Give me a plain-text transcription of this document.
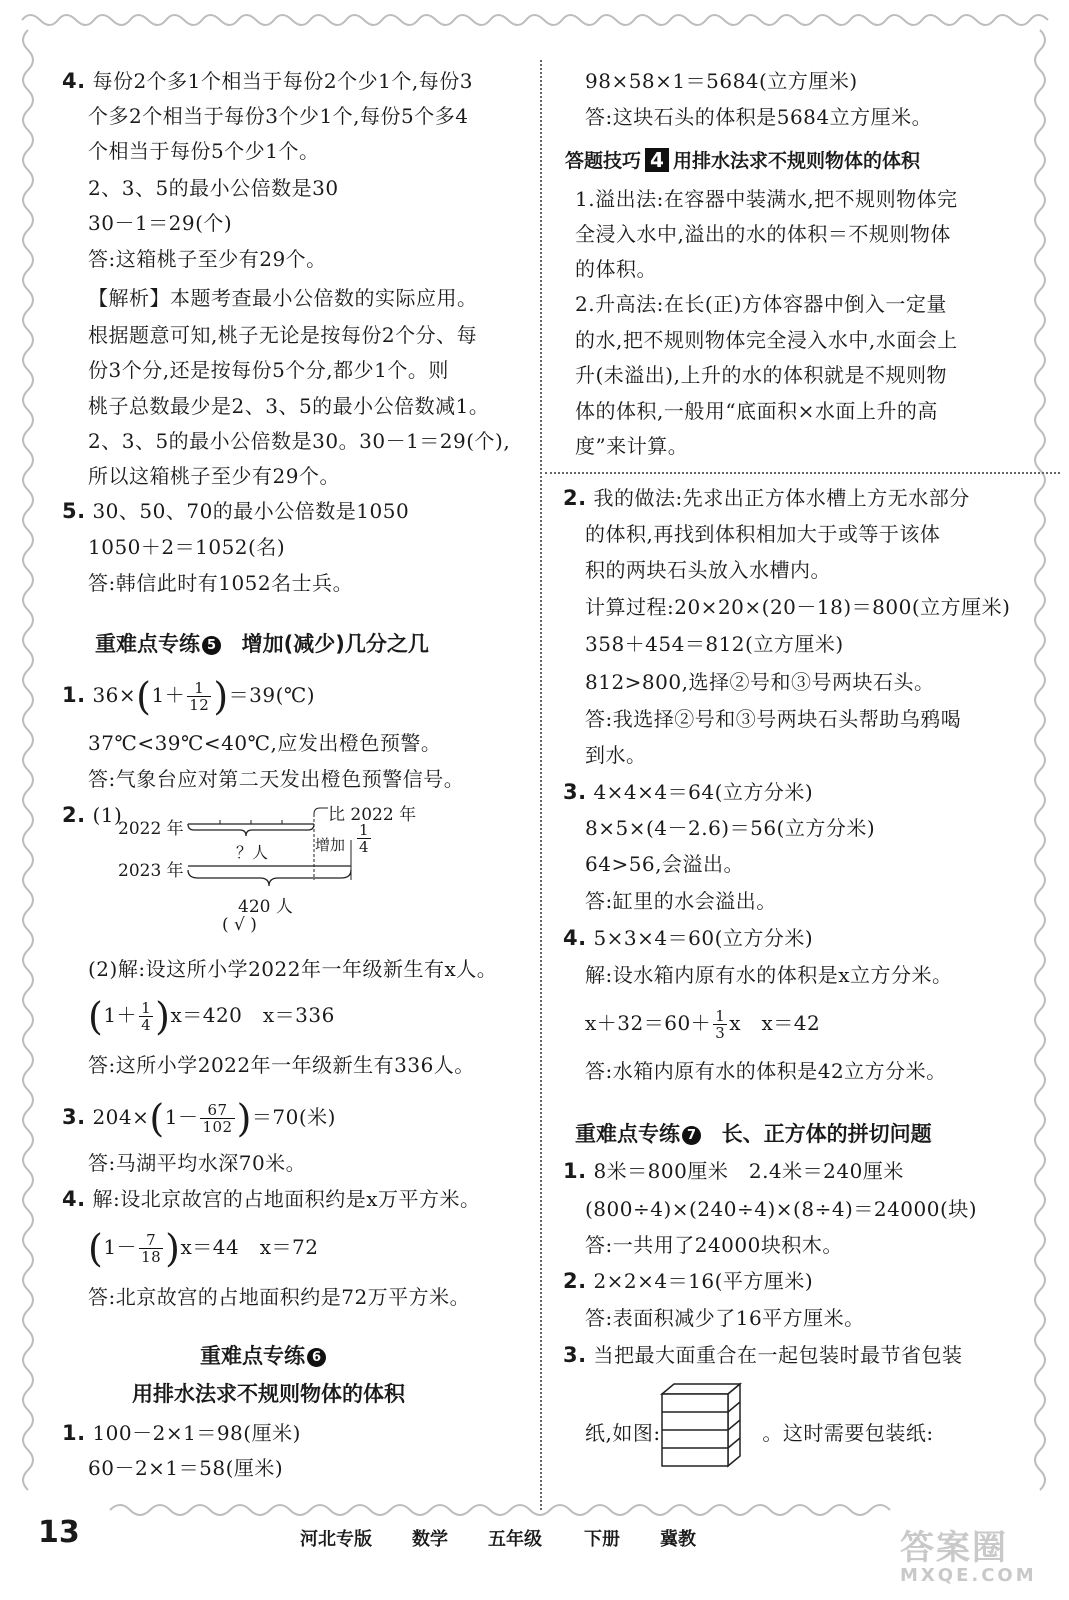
4. 每份2个多1个相当于每份2个少1个,每份3
个多2个相当于每份3个少1个,每份5个多4
个相当于每份5个少1个。
2、3、5的最小公倍数是30
30－1＝29(个)
答:这箱桃子至少有29个。
【解析】本题考查最小公倍数的实际应用。
根据题意可知,桃子无论是按每份2个分、每
份3个分,还是按每份5个分,都少1个。则
桃子总数最少是2、3、5的最小公倍数减1。
2、3、5的最小公倍数是30。30－1＝29(个),
所以这箱桃子至少有29个。
5. 30、50、70的最小公倍数是1050
1050＋2＝1052(名)
答:韩信此时有1052名士兵。
重难点专练 5 增加(减少)几分之几
1. $36\times(1+ \frac{1}{12}$ )＝39(℃)
37℃<39℃<40℃,应发出橙色预警。
答:气象台应对第二天发出橙色预警信号。
2. (1)
2022 年
比 2022 年
增加 $\frac{1}{4}$
2023 年
？人
420 人
( √ )
(2)解:设这所小学2022年一年级新生有x人。
$(1+ \frac{1}{4} )x=420$　x＝336
答:这所小学2022年一年级新生有336人。
3. $204\times(1- \frac{67}{102} )=70$(米)
答:马湖平均水深70米。
4. 解:设北京故宫的占地面积约是x万平方米。
$(1- \frac{7}{18} )x=44$　x＝72
答:北京故宫的占地面积约是72万平方米。
重难点专练 6
用排水法求不规则物体的体积
1. 100－2×1＝98(厘米)
60－2×1＝58(厘米)
98×58×1＝5684(立方厘米)
答:这块石头的体积是5684立方厘米。
答题技巧 4 用排水法求不规则物体的体积
1.溢出法:在容器中装满水,把不规则物体完
全浸入水中,溢出的水的体积＝不规则物体
的体积。
2.升高法:在长(正)方体容器中倒入一定量
的水,把不规则物体完全浸入水中,水面会上
升(未溢出),上升的水的体积就是不规则物
体的体积,一般用“底面积×水面上升的高
度”来计算。
2. 我的做法:先求出正方体水槽上方无水部分
的体积,再找到体积相加大于或等于该体
积的两块石头放入水槽内。
计算过程:20×20×(20－18)＝800(立方厘米)
358＋454＝812(立方厘米)
812>800,选择②号和③号两块石头。
答:我选择②号和③号两块石头帮助乌鸦喝
到水。
3. 4×4×4＝64(立方分米)
8×5×(4－2.6)＝56(立方分米)
64>56,会溢出。
答:缸里的水会溢出。
4. 5×3×4＝60(立方分米)
解:设水箱内原有水的体积是x立方分米。
$x+32=60+ \frac{1}{3}$ x　x＝42
答:水箱内原有水的体积是42立方分米。
重难点专练 7 长、正方体的拼切问题
1. 8米＝800厘米　2.4米＝240厘米
(800÷4)×(240÷4)×(8÷4)＝24000(块)
答:一共用了24000块积木。
2. 2×2×4＝16(平方厘米)
答:表面积减少了16平方厘米。
3. 当把最大面重合在一起包装时最节省包装
纸,如图:	。这时需要包装纸:
13	河北专版 数学 五年级 下册 冀教	答案圈
MXQE.COM
